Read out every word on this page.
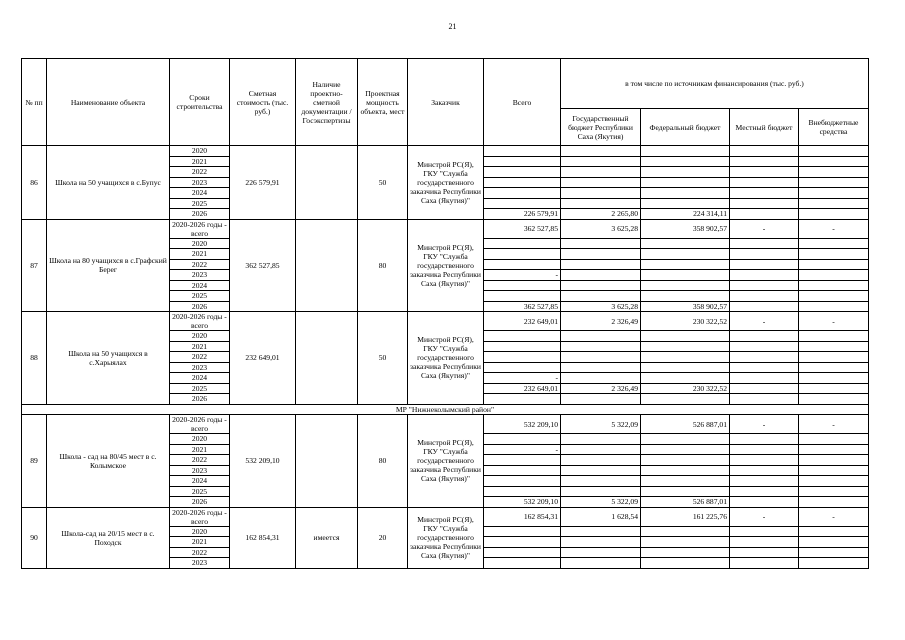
21
№ пп	Наименование объекта	Сроки строительства	Сметная стоимость (тыс. руб.)	Наличие проектно-сметной документации /Госэкспертизы	Проектная мощность объекта, мест	Заказчик	Всего	в том числе по источникам финансирования (тыс. руб.)			
								Государственный бюджет Республики Саха (Якутия)	Федеральный бюджет	Местный бюджет	Внебюджетные средства
86	Школа на 50 учащихся в с.Бупус	2020	226 579,91		50	Минстрой РС(Я), ГКУ "Служба государственного заказчика Республики Саха (Якутия)"					
		2021									
		2022									
		2023									
		2024									
		2025									
		2026					226 579,91	2 265,80	224 314,11		
87	Школа на 80 учащихся в с.Графский Берег	2020-2026 годы - всего	362 527,85		80	Минстрой РС(Я), ГКУ "Служба государственного заказчика Республики Саха (Якутия)"	362 527,85	3 625,28	358 902,57	-	-
		2020									
		2021									
		2022									
		2023					-				
		2024									
		2025									
		2026					362 527,85	3 625,28	358 902,57		
88	Школа на 50 учащихся в с.Харыялах	2020-2026 годы - всего	232 649,01		50	Минстрой РС(Я), ГКУ "Служба государственного заказчика Республики Саха (Якутия)"	232 649,01	2 326,49	230 322,52	-	-
		2020									
		2021									
		2022									
		2023									
		2024					-				
		2025					232 649,01	2 326,49	230 322,52		
		2026									
МР "Нижнеколымский район"											
89	Школа - сад на 80/45 мест в с. Колымское	2020-2026 годы - всего	532 209,10		80	Минстрой РС(Я), ГКУ "Служба государственного заказчика Республики Саха (Якутия)"	532 209,10	5 322,09	526 887,01	-	-
		2020									
		2021					-				
		2022									
		2023									
		2024									
		2025									
		2026					532 209,10	5 322,09	526 887,01		
90	Школа-сад на 20/15 мест в с. Походск	2020-2026 годы - всего	162 854,31	имеется	20	Минстрой РС(Я), ГКУ "Служба государственного заказчика Республики Саха (Якутия)"	162 854,31	1 628,54	161 225,76	-	-
		2020									
		2021									
		2022									
		2023									
